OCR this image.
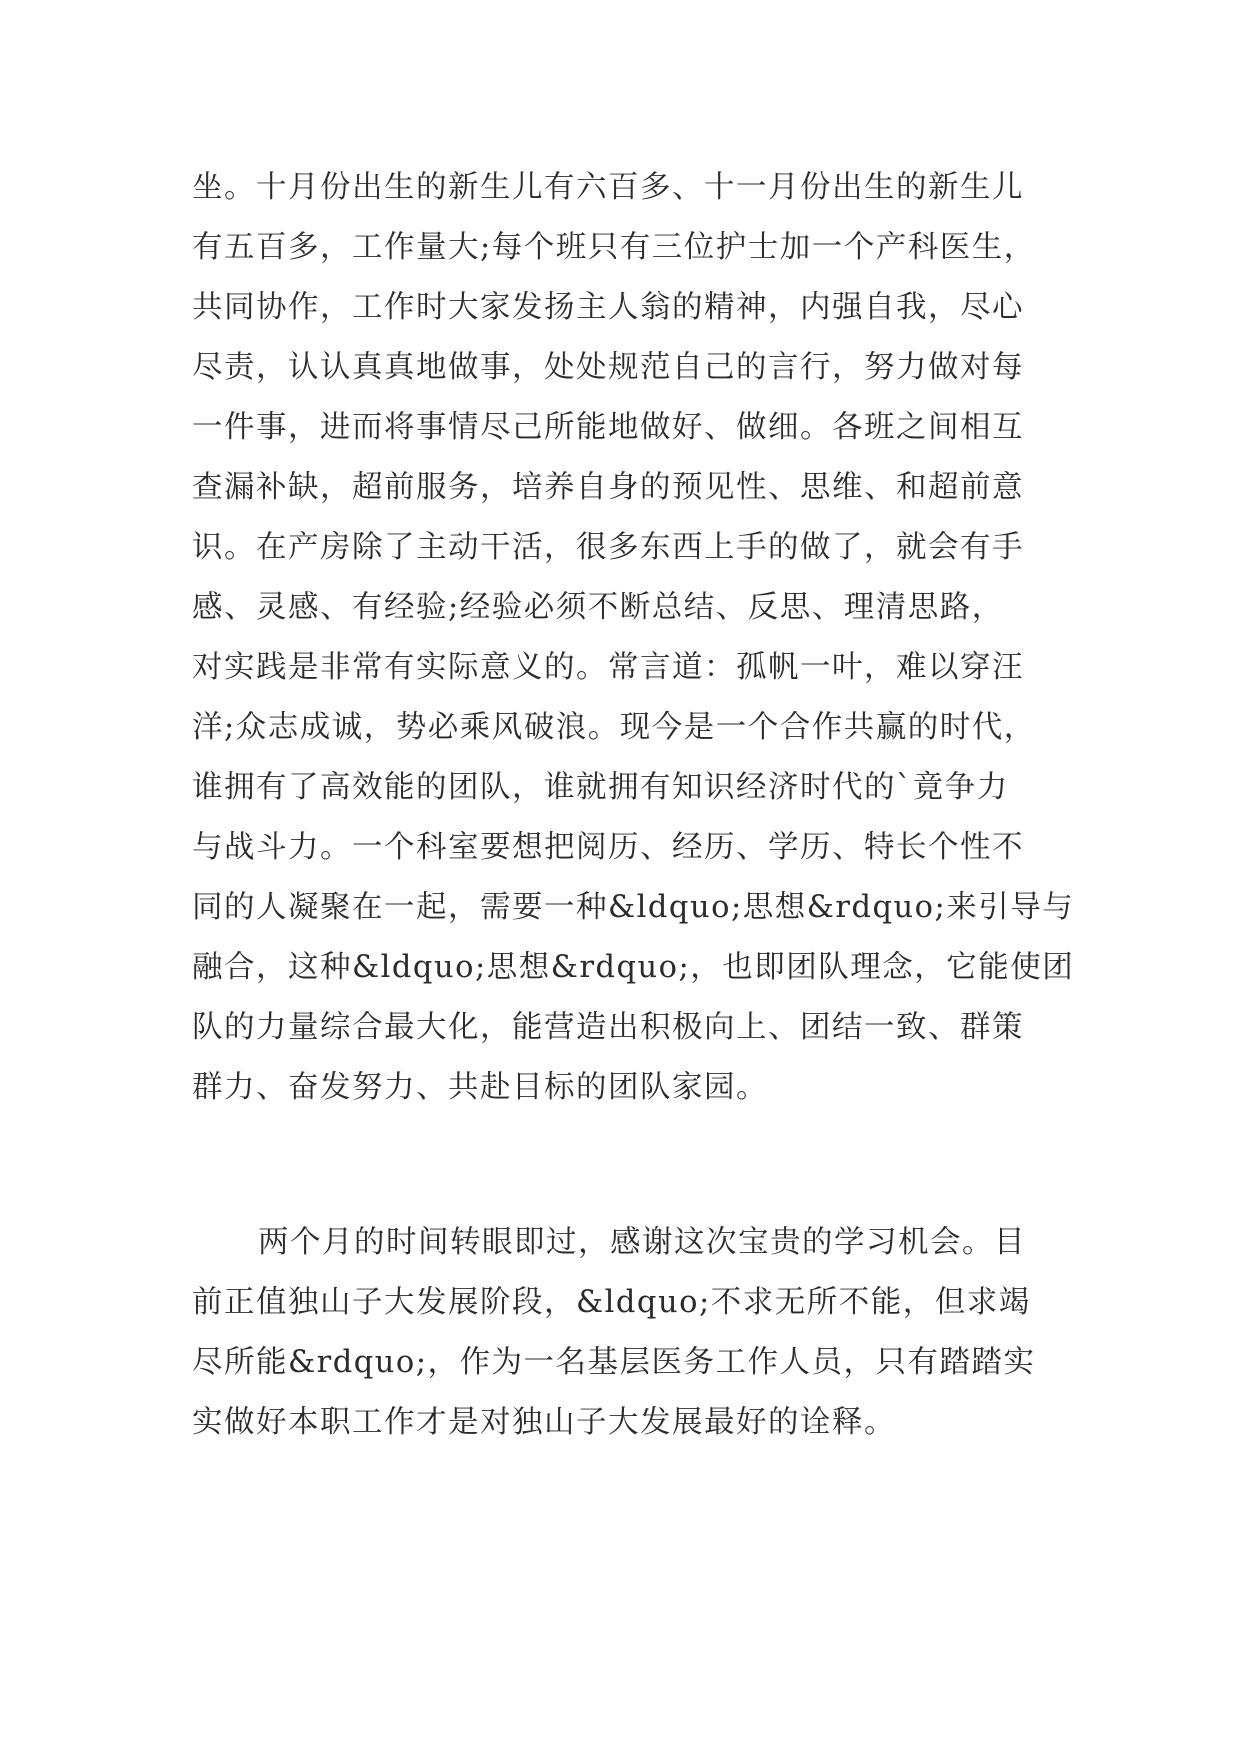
坐。十月份出生的新生儿有六百多、十一月份出生的新生儿
有五百多，工作量大;每个班只有三位护士加一个产科医生，
共同协作，工作时大家发扬主人翁的精神，内强自我，尽心
尽责，认认真真地做事，处处规范自己的言行，努力做对每
一件事，进而将事情尽己所能地做好、做细。各班之间相互
查漏补缺，超前服务，培养自身的预见性、思维、和超前意
识。在产房除了主动干活，很多东西上手的做了，就会有手
感、灵感、有经验;经验必须不断总结、反思、理清思路，
对实践是非常有实际意义的。常言道：孤帆一叶，难以穿汪
洋;众志成诚，势必乘风破浪。现今是一个合作共赢的时代，
谁拥有了高效能的团队，谁就拥有知识经济时代的`竟争力
与战斗力。一个科室要想把阅历、经历、学历、特长个性不
同的人凝聚在一起，需要一种&ldquo;思想&rdquo;来引导与
融合，这种&ldquo;思想&rdquo;，也即团队理念，它能使团
队的力量综合最大化，能营造出积极向上、团结一致、群策
群力、奋发努力、共赴目标的团队家园。
两个月的时间转眼即过，感谢这次宝贵的学习机会。目
前正值独山子大发展阶段，&ldquo;不求无所不能，但求竭
尽所能&rdquo;，作为一名基层医务工作人员，只有踏踏实
实做好本职工作才是对独山子大发展最好的诠释。
